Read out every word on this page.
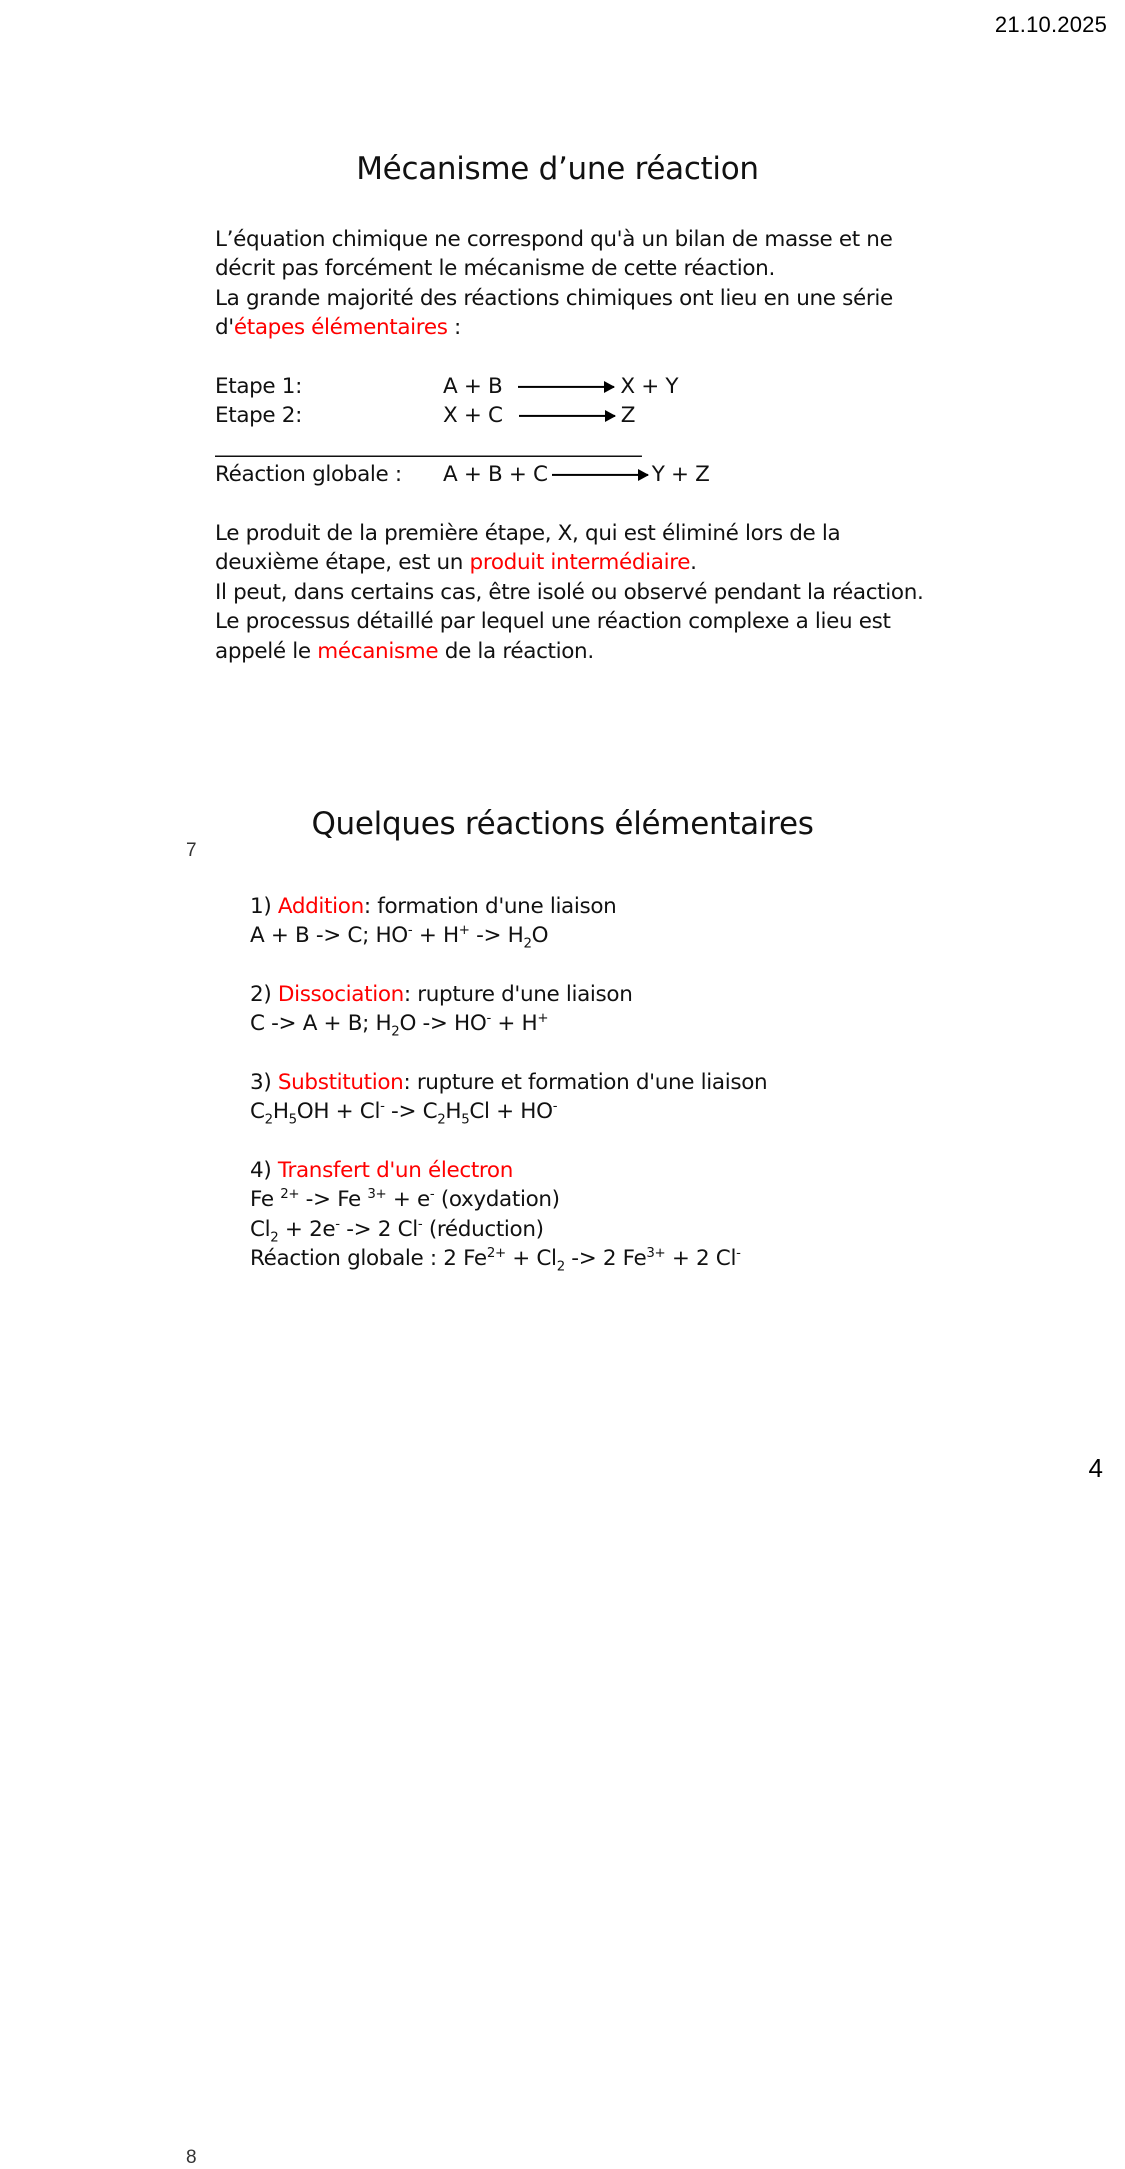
21.10.2025
Mécanisme d’une réaction

L’équation chimique ne correspond qu'à un bilan de masse et ne

décrit pas forcément le mécanisme de cette réaction.

La grande majorité des réactions chimiques ont lieu en une série

d'étapes élémentaires :

Etape 1:	A + B	X + Y
Etape 2:	X + C	Z
_________________________________________
Réaction globale :	A + B + C	Y + Z

Le produit de la première étape, X, qui est éliminé lors de la

deuxième étape, est un produit intermédiaire.

Il peut, dans certains cas, être isolé ou observé pendant la réaction.

Le processus détaillé par lequel une réaction complexe a lieu est

appelé le mécanisme de la réaction.

7
Quelques réactions élémentaires

1) Addition: formation d'une liaison

A + B -> C; $HO^- + H^+ -> H_2O$

2) Dissociation: rupture d'une liaison

C -> A + B; $H_2O -> HO^- + H^+$

3) Substitution: rupture et formation d'une liaison

$C_2H_5OH + Cl^- -> C_2H_5Cl + HO^-$

4) Transfert d'un électron

Fe $^{2+}$ -> Fe $^{3+}$ + e- (oxydation)
$Cl_2 + 2e^- -> 2$ Cl- (réduction)
Réaction globale : 2 $Fe^{2+} + Cl_2 -> 2$ $Fe^{3+} + 2$ Cl-

8
4
